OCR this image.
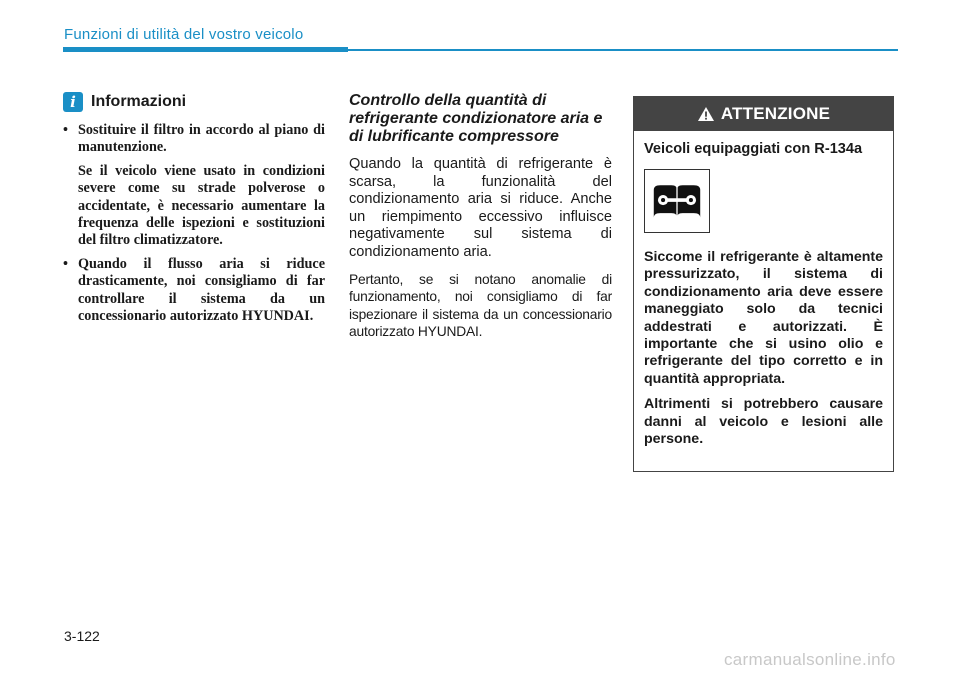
Funzioni di utilità del vostro veicolo
i Informazioni

• Sostituire il filtro in accordo al piano di manutenzione.

Se il veicolo viene usato in condizioni severe come su strade polverose o accidentate, è necessario aumentare la frequenza delle ispezioni e sostituzioni del filtro climatizzatore.

• Quando il flusso aria si riduce drasticamente, noi consigliamo di far controllare il sistema da un concessionario autorizzato HYUNDAI.

Controllo della quantità di refrigerante condizionatore aria e di lubrificante compressore

Quando la quantità di refrigerante è scarsa, la funzionalità del condizionamento aria si riduce. Anche un riempimento eccessivo influisce negativamente sul sistema di condizionamento aria.

Pertanto, se si notano anomalie di funzionamento, noi consigliamo di far ispezionare il sistema da un concessionario autorizzato HYUNDAI.

ATTENZIONE

Veicoli equipaggiati con R-134a

Siccome il refrigerante è altamente pressurizzato, il sistema di condizionamento aria deve essere maneggiato solo da tecnici addestrati e autorizzati. È importante che si usino olio e refrigerante del tipo corretto e in quantità appropriata.

Altrimenti si potrebbero causare danni al veicolo e lesioni alle persone.

3-122
carmanualsonline.info
